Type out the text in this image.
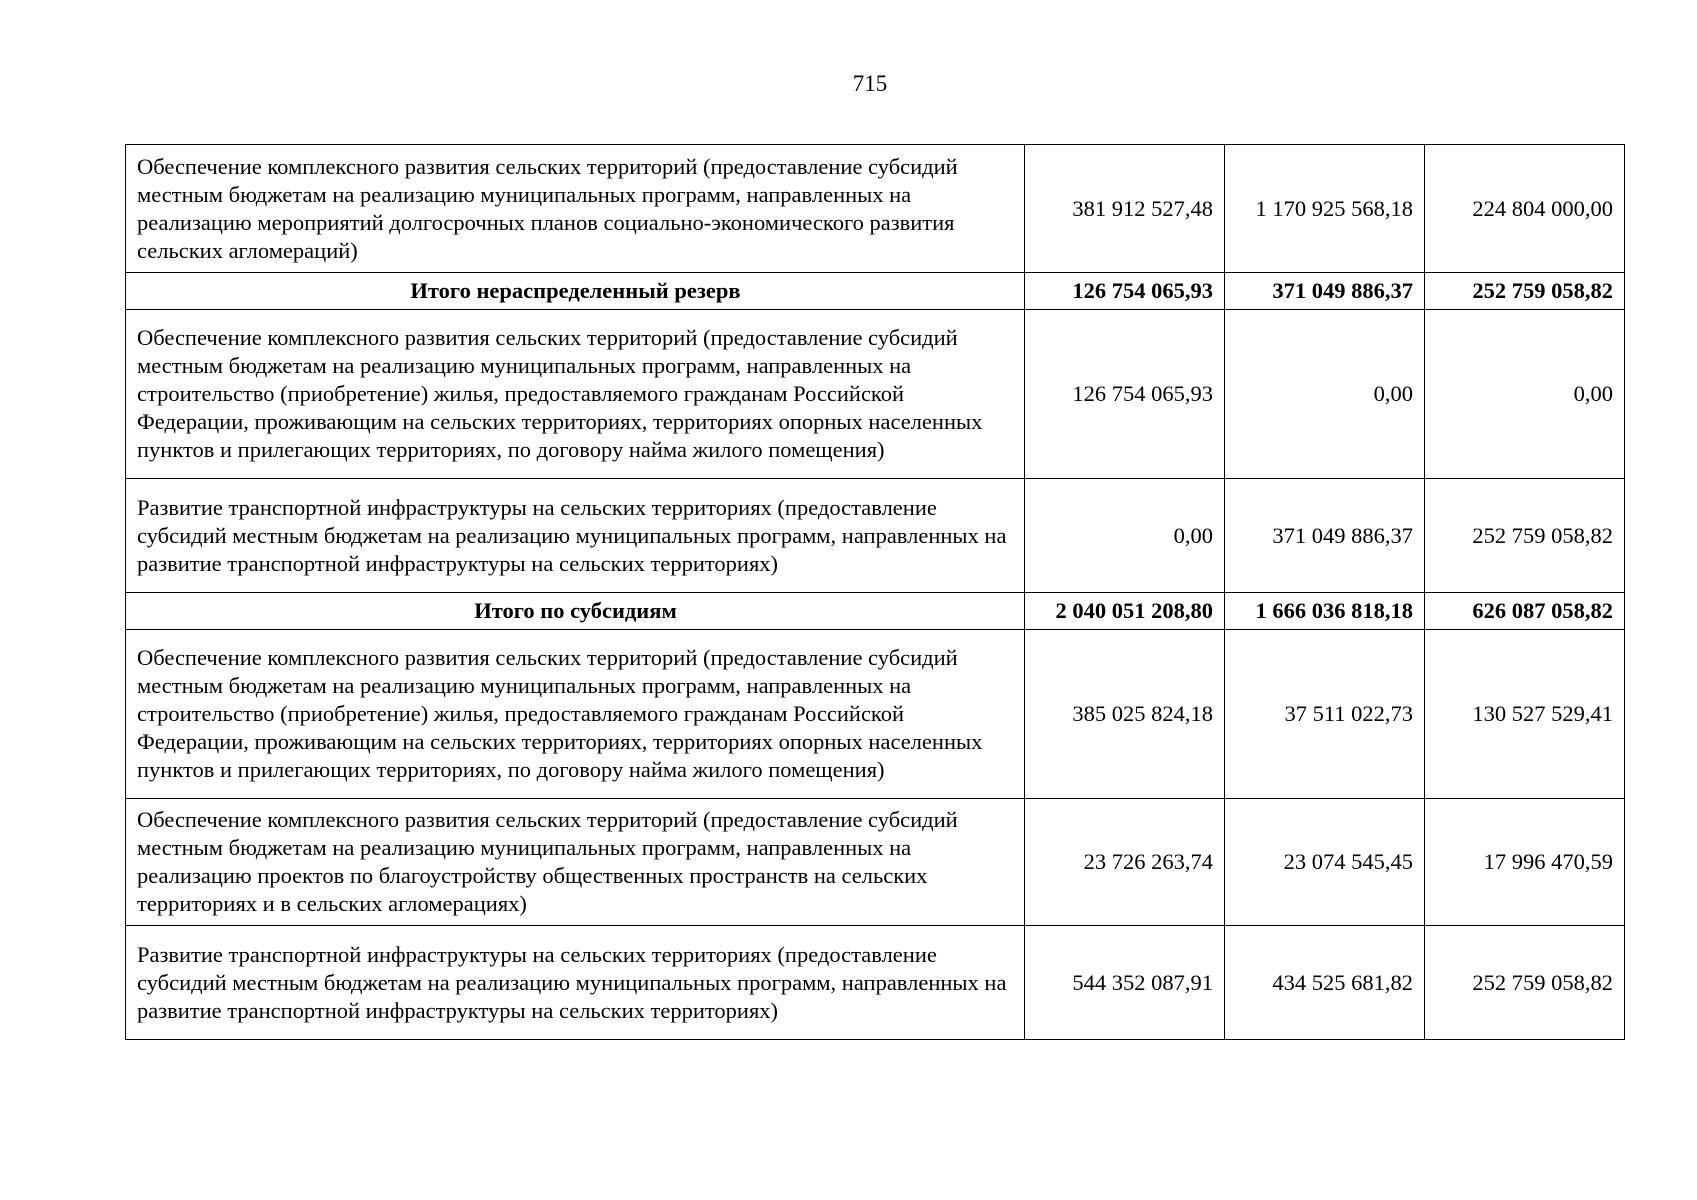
715
Обеспечение комплексного развития сельских территорий (предоставление субсидий местным бюджетам на реализацию муниципальных программ, направленных на реализацию мероприятий долгосрочных планов социально-экономического развития сельских агломераций)	381 912 527,48	1 170 925 568,18	224 804 000,00
Итого нераспределенный резерв	126 754 065,93	371 049 886,37	252 759 058,82
Обеспечение комплексного развития сельских территорий (предоставление субсидий местным бюджетам на реализацию муниципальных программ, направленных на строительство (приобретение) жилья, предоставляемого гражданам Российской Федерации, проживающим на сельских территориях, территориях опорных населенных пунктов и прилегающих территориях, по договору найма жилого помещения)	126 754 065,93	0,00	0,00
Развитие транспортной инфраструктуры на сельских территориях (предоставление субсидий местным бюджетам на реализацию муниципальных программ, направленных на развитие транспортной инфраструктуры на сельских территориях)	0,00	371 049 886,37	252 759 058,82
Итого по субсидиям	2 040 051 208,80	1 666 036 818,18	626 087 058,82
Обеспечение комплексного развития сельских территорий (предоставление субсидий местным бюджетам на реализацию муниципальных программ, направленных на строительство (приобретение) жилья, предоставляемого гражданам Российской Федерации, проживающим на сельских территориях, территориях опорных населенных пунктов и прилегающих территориях, по договору найма жилого помещения)	385 025 824,18	37 511 022,73	130 527 529,41
Обеспечение комплексного развития сельских территорий (предоставление субсидий местным бюджетам на реализацию муниципальных программ, направленных на реализацию проектов по благоустройству общественных пространств на сельских территориях и в сельских агломерациях)	23 726 263,74	23 074 545,45	17 996 470,59
Развитие транспортной инфраструктуры на сельских территориях (предоставление субсидий местным бюджетам на реализацию муниципальных программ, направленных на развитие транспортной инфраструктуры на сельских территориях)	544 352 087,91	434 525 681,82	252 759 058,82
